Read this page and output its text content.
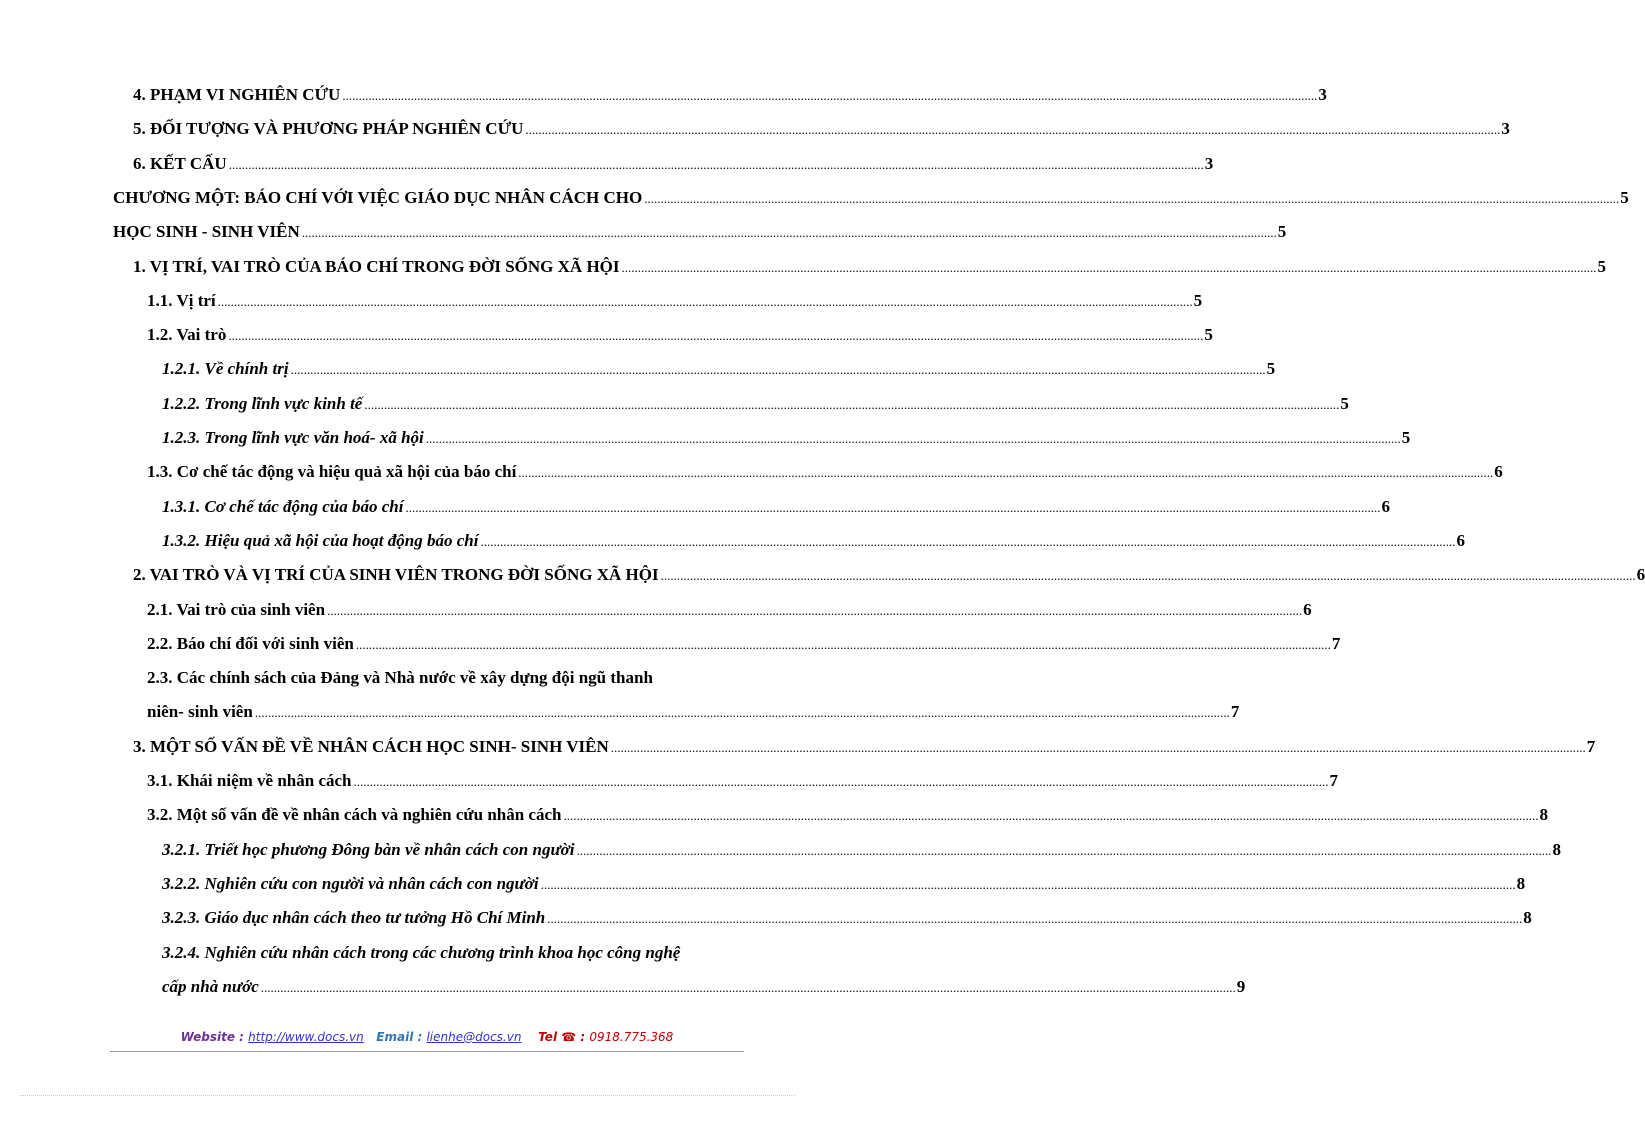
4. PHẠM VI NGHIÊN CỨU ............................................................................................................................................................................................................................................................................................................ 3
5. ĐỐI TƯỢNG VÀ PHƯƠNG PHÁP NGHIÊN CỨU ............................................................................................................................................................................................................................................................................................................ 3
6. KẾT CẤU ............................................................................................................................................................................................................................................................................................................ 3
CHƯƠNG MỘT: BÁO CHÍ VỚI VIỆC GIÁO DỤC NHÂN CÁCH CHO ............................................................................................................................................................................................................................................................................................................ 5
HỌC SINH - SINH VIÊN ............................................................................................................................................................................................................................................................................................................ 5
1. VỊ TRÍ, VAI TRÒ CỦA BÁO CHÍ TRONG ĐỜI SỐNG XÃ HỘI ............................................................................................................................................................................................................................................................................................................ 5
1.1. Vị trí ............................................................................................................................................................................................................................................................................................................ 5
1.2. Vai trò ............................................................................................................................................................................................................................................................................................................ 5
1.2.1. Về chính trị ............................................................................................................................................................................................................................................................................................................ 5
1.2.2. Trong lĩnh vực kinh tế ............................................................................................................................................................................................................................................................................................................ 5
1.2.3. Trong lĩnh vực văn hoá- xã hội ............................................................................................................................................................................................................................................................................................................ 5
1.3. Cơ chế tác động và hiệu quả xã hội của báo chí ............................................................................................................................................................................................................................................................................................................ 6
1.3.1. Cơ chế tác động của báo chí ............................................................................................................................................................................................................................................................................................................ 6
1.3.2. Hiệu quả xã hội của hoạt động báo chí ............................................................................................................................................................................................................................................................................................................ 6
2. VAI TRÒ VÀ VỊ TRÍ CỦA SINH VIÊN TRONG ĐỜI SỐNG XÃ HỘI ............................................................................................................................................................................................................................................................................................................ 6
2.1. Vai trò của sinh viên ............................................................................................................................................................................................................................................................................................................ 6
2.2. Báo chí đối với sinh viên ............................................................................................................................................................................................................................................................................................................ 7
2.3. Các chính sách của Đảng và Nhà nước về xây dựng đội ngũ thanh
niên- sinh viên ............................................................................................................................................................................................................................................................................................................ 7
3. MỘT SỐ VẤN ĐỀ VỀ NHÂN CÁCH HỌC SINH- SINH VIÊN ............................................................................................................................................................................................................................................................................................................ 7
3.1. Khái niệm về nhân cách ............................................................................................................................................................................................................................................................................................................ 7
3.2. Một số vấn đề về nhân cách và nghiên cứu nhân cách ............................................................................................................................................................................................................................................................................................................ 8
3.2.1. Triết học phương Đông bàn về nhân cách con người ............................................................................................................................................................................................................................................................................................................ 8
3.2.2. Nghiên cứu con người và nhân cách con người ............................................................................................................................................................................................................................................................................................................ 8
3.2.3. Giáo dục nhân cách theo tư tưởng Hồ Chí Minh ............................................................................................................................................................................................................................................................................................................ 8
3.2.4. Nghiên cứu nhân cách trong các chương trình khoa học công nghệ
cấp nhà nước ............................................................................................................................................................................................................................................................................................................ 9
Website : http://www.docs.vn Email : lienhe@docs.vn Tel ☎ : 0918.775.368
